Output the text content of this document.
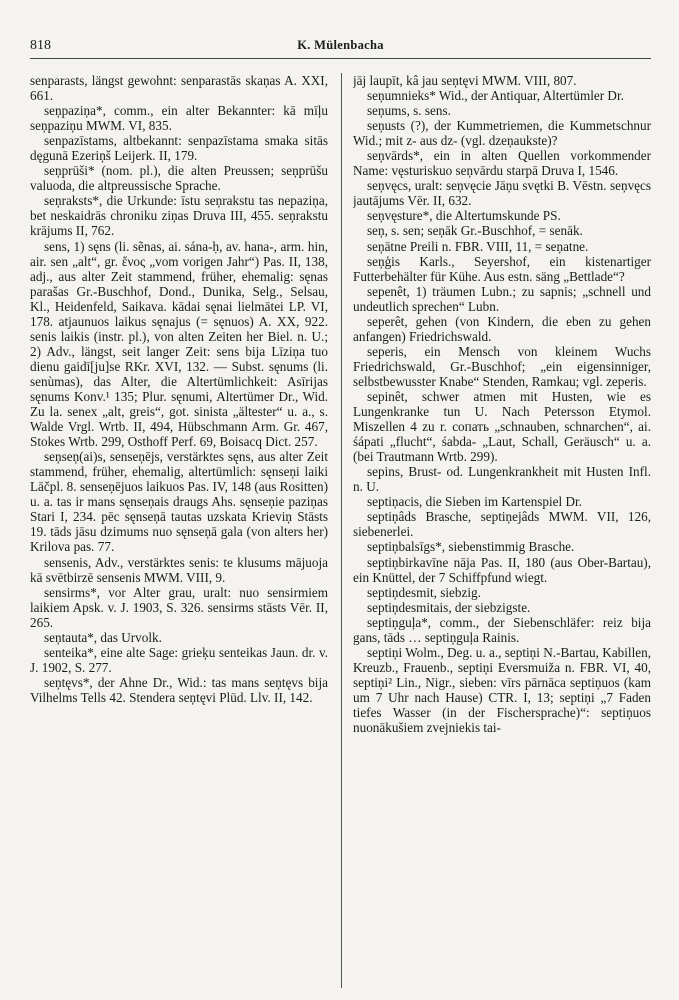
818	K. Mülenbacha

senparasts, längst gewohnt: senparastās skaņas A. XXI, 661.

seņpaziņa*, comm., ein alter Bekannter: kā mīļu seņpaziņu MWM. VI, 835.

senpazīstams, altbekannt: senpazīstama smaka sitās dęgunā Ezeriņš Leijerk. II, 179.

seņprūši* (nom. pl.), die alten Preussen; seņprūšu valuoda, die altpreussische Sprache.

seņraksts*, die Urkunde: īstu seņrakstu tas nepaziņa, bet neskaidrās chroniku ziņas Druva III, 455. seņrakstu krājums II, 762.

sens, 1) sęns (li. sẽnas, ai. sána-ḥ, av. hana-, arm. hin, air. sen „alt“, gr. ἔνος „vom vorigen Jahr“) Pas. II, 138, adj., aus alter Zeit stammend, früher, ehemalig: sęnas parašas Gr.-Buschhof, Dond., Dunika, Selg., Selsau, Kl., Heidenfeld, Saikava. kādai sęnai lielmātei LP. VI, 178. atjaunuos laikus sęnajus (= sęnuos) A. XX, 922. senis laikis (instr. pl.), von alten Zeiten her Biel. n. U.; 2) Adv., längst, seit langer Zeit: sens bija Līziņa tuo dienu gaidī[ju]se RKr. XVI, 132. — Subst. sęnums (li. senùmas), das Alter, die Altertümlichkeit: Asīrijas sęnums Konv.¹ 135; Plur. sęnumi, Altertümer Dr., Wid. Zu la. senex „alt, greis“, got. sinista „ältester“ u. a., s. Walde Vrgl. Wrtb. II, 494, Hübschmann Arm. Gr. 467, Stokes Wrtb. 299, Osthoff Perf. 69, Boisacq Dict. 257.

seņseņ(ai)s, senseņējs, verstärktes sęns, aus alter Zeit stammend, früher, ehemalig, altertümlich: sęnseņi laiki Lāčpl. 8. senseņējuos laikuos Pas. IV, 148 (aus Rositten) u. a. tas ir mans sęnseņais draugs Ahs. sęnseņie paziņas Stari I, 234. pēc sęnseņā tautas uzskata Krieviņ Stāsts 19. tāds jāsu dzimums nuo sęnseņā gala (von alters her) Krilova pas. 77.

sensenis, Adv., verstärktes senis: te klusums mājuoja kā svētbirzē sensenis MWM. VIII, 9.

sensirms*, vor Alter grau, uralt: nuo sensirmiem laikiem Apsk. v. J. 1903, S. 326. sensirms stāsts Vēr. II, 265.

seņtauta*, das Urvolk.

senteika*, eine alte Sage: grieķu senteikas Jaun. dr. v. J. 1902, S. 277.

seņtęvs*, der Ahne Dr., Wid.: tas mans seņtęvs bija Vilhelms Tells 42. Stendera seņtęvi Plūd. Llv. II, 142.

jāj laupīt, kâ jau seņtęvi MWM. VIII, 807.

seņumnieks* Wid., der Antiquar, Altertümler Dr.

seņums, s. sens.

seņusts (?), der Kummetriemen, die Kummetschnur Wid.; mit z- aus dz- (vgl. dzeņaukste)?

seņvārds*, ein in alten Quellen vorkommender Name: vęsturiskuo seņvārdu starpā Druva I, 1546.

seņvęcs, uralt: seņvęcie Jāņu svętki B. Vēstn. seņvęcs jautājums Vēr. II, 632.

seņvęsture*, die Altertumskunde PS.

seņ, s. sen; seņāk Gr.-Buschhof, = senāk.

seņātne Preili n. FBR. VIII, 11, = seņatne.

seņģis Karls., Seyershof, ein kistenartiger Futterbehälter für Kühe. Aus estn. säng „Bettlade“?

sepenêt, 1) träumen Lubn.; zu sapnis; „schnell und undeutlich sprechen“ Lubn.

seperêt, gehen (von Kindern, die eben zu gehen anfangen) Friedrichswald.

seperis, ein Mensch von kleinem Wuchs Friedrichswald, Gr.-Buschhof; „ein eigensinniger, selbstbewusster Knabe“ Stenden, Ramkau; vgl. zeperis.

sepinêt, schwer atmen mit Husten, wie es Lungenkranke tun U. Nach Petersson Etymol. Miszellen 4 zu r. сопать „schnauben, schnarchen“, ai. śápati „flucht“, śabda- „Laut, Schall, Geräusch“ u. a. (bei Trautmann Wrtb. 299).

sepins, Brust- od. Lungenkrankheit mit Husten Infl. n. U.

septiņacis, die Sieben im Kartenspiel Dr.

septiņâds Brasche, septiņejâds MWM. VII, 126, siebenerlei.

septiņbalsīgs*, siebenstimmig Brasche.

septiņbirkavīne nāja Pas. II, 180 (aus Ober-Bartau), ein Knüttel, der 7 Schiffpfund wiegt.

septiņdesmit, siebzig.

septiņdesmitais, der siebzigste.

septiņguļa*, comm., der Siebenschläfer: reiz bija gans, tāds … septiņguļa Rainis.

septiņi Wolm., Deg. u. a., septiņi N.-Bartau, Kabillen, Kreuzb., Frauenb., septiņi Eversmuiža n. FBR. VI, 40, septiņi² Lin., Nigr., sieben: vīrs pārnāca septiņuos (kam um 7 Uhr nach Hause) CTR. I, 13; septiņi „7 Faden tiefes Wasser (in der Fischersprache)“: septiņuos nuonākušiem zvejniekis tai-
